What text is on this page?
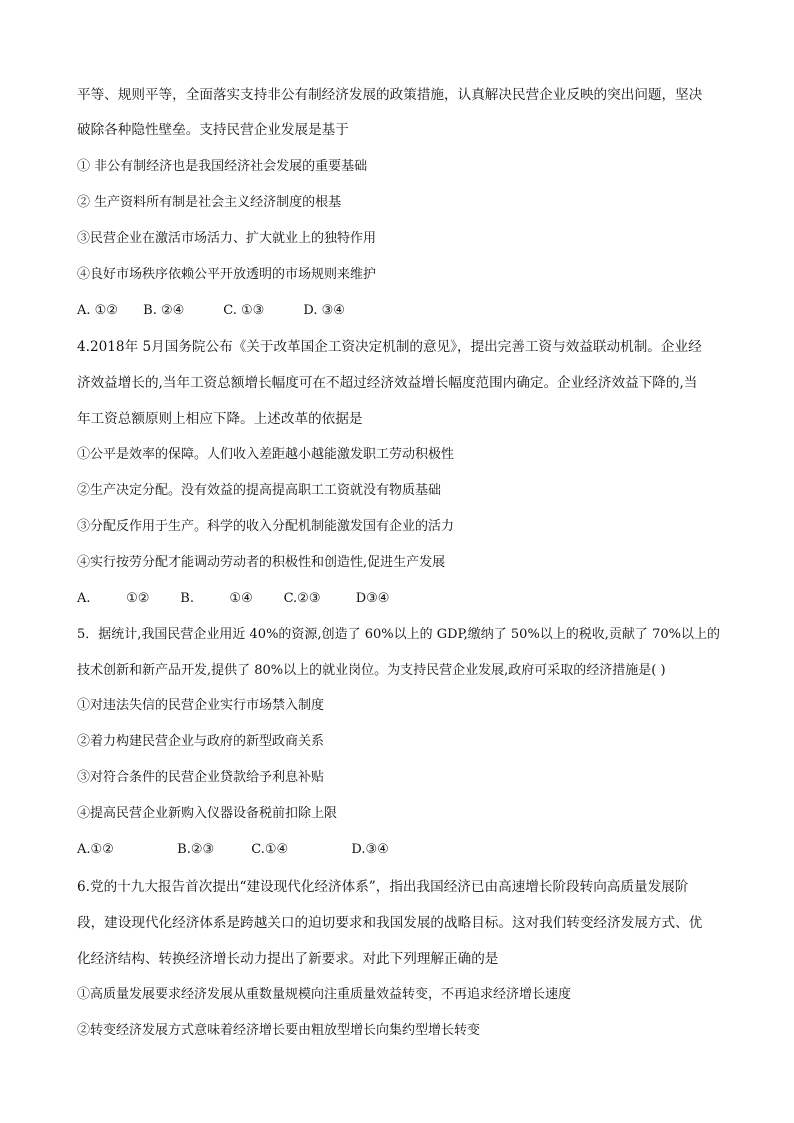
平等、规则平等，全面落实支持非公有制经济发展的政策措施，认真解决民营企业反映的突出问题，坚决
破除各种隐性壁垒。支持民营企业发展是基于
① 非公有制经济也是我国经济社会发展的重要基础
② 生产资料所有制是社会主义经济制度的根基
③民营企业在激活市场活力、扩大就业上的独特作用
④良好市场秩序依赖公平开放透明的市场规则来维护
A. ①② B. ②④	C. ①③	D. ③④
4.2018年 5月国务院公布《关于改革国企工资决定机制的意见》，提出完善工资与效益联动机制。企业经
济效益增长的,当年工资总额增长幅度可在不超过经济效益增长幅度范围内确定。企业经济效益下降的,当
年工资总额原则上相应下降。上述改革的依据是
①公平是效率的保障。人们收入差距越小越能激发职工劳动积极性
②生产决定分配。没有效益的提高提高职工工资就没有物质基础
③分配反作用于生产。科学的收入分配机制能激发国有企业的活力
④实行按劳分配才能调动劳动者的积极性和创造性,促进生产发展
A.	①② B.	①④ C.②③	D③④
5．据统计,我国民营企业用近 40%的资源,创造了 60%以上的 GDP,缴纳了 50%以上的税收,贡献了 70%以上的
技术创新和新产品开发,提供了 80%以上的就业岗位。为支持民营企业发展,政府可采取的经济措施是( )
①对违法失信的民营企业实行市场禁入制度
②着力构建民营企业与政府的新型政商关系
③对符合条件的民营企业贷款给予利息补贴
④提高民营企业新购入仪器设备税前扣除上限
A.①②	B.②③	C.①④	D.③④
6.党的十九大报告首次提出“建设现代化经济体系”，指出我国经济已由高速增长阶段转向高质量发展阶
段，建设现代化经济体系是跨越关口的迫切要求和我国发展的战略目标。这对我们转变经济发展方式、优
化经济结构、转换经济增长动力提出了新要求。对此下列理解正确的是
①高质量发展要求经济发展从重数量规模向注重质量效益转变，不再追求经济增长速度
②转变经济发展方式意味着经济增长要由粗放型增长向集约型增长转变
